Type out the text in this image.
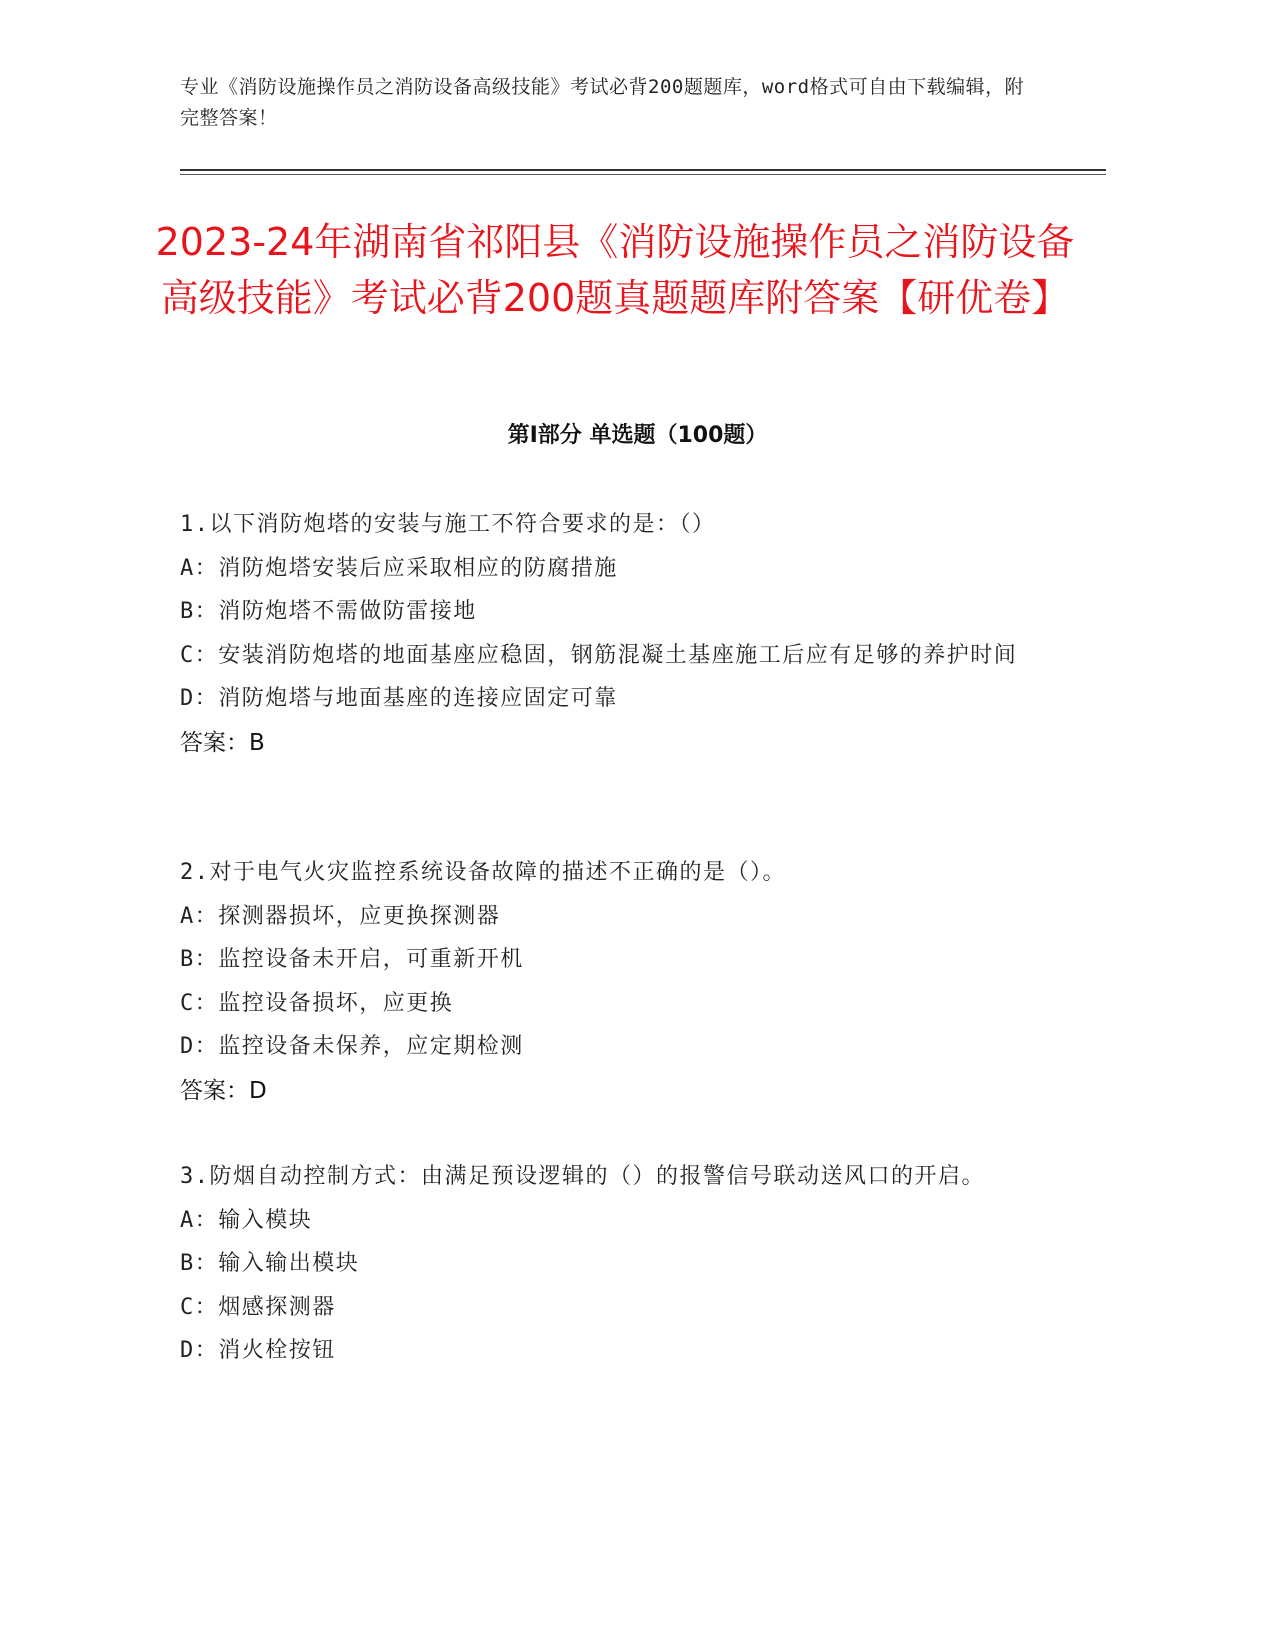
专业《消防设施操作员之消防设备高级技能》考试必背200题题库，word格式可自由下载编辑，附完整答案！
2023-24年湖南省祁阳县《消防设施操作员之消防设备高级技能》考试必背200题真题题库附答案【研优卷】
第Ⅰ部分 单选题（100题）
1.以下消防炮塔的安装与施工不符合要求的是：（）
A：消防炮塔安装后应采取相应的防腐措施
B：消防炮塔不需做防雷接地
C：安装消防炮塔的地面基座应稳固，钢筋混凝土基座施工后应有足够的养护时间
D：消防炮塔与地面基座的连接应固定可靠
答案：B
2.对于电气火灾监控系统设备故障的描述不正确的是（）。
A：探测器损坏，应更换探测器
B：监控设备未开启，可重新开机
C：监控设备损坏，应更换
D：监控设备未保养，应定期检测
答案：D
3.防烟自动控制方式：由满足预设逻辑的（）的报警信号联动送风口的开启。
A：输入模块
B：输入输出模块
C：烟感探测器
D：消火栓按钮
